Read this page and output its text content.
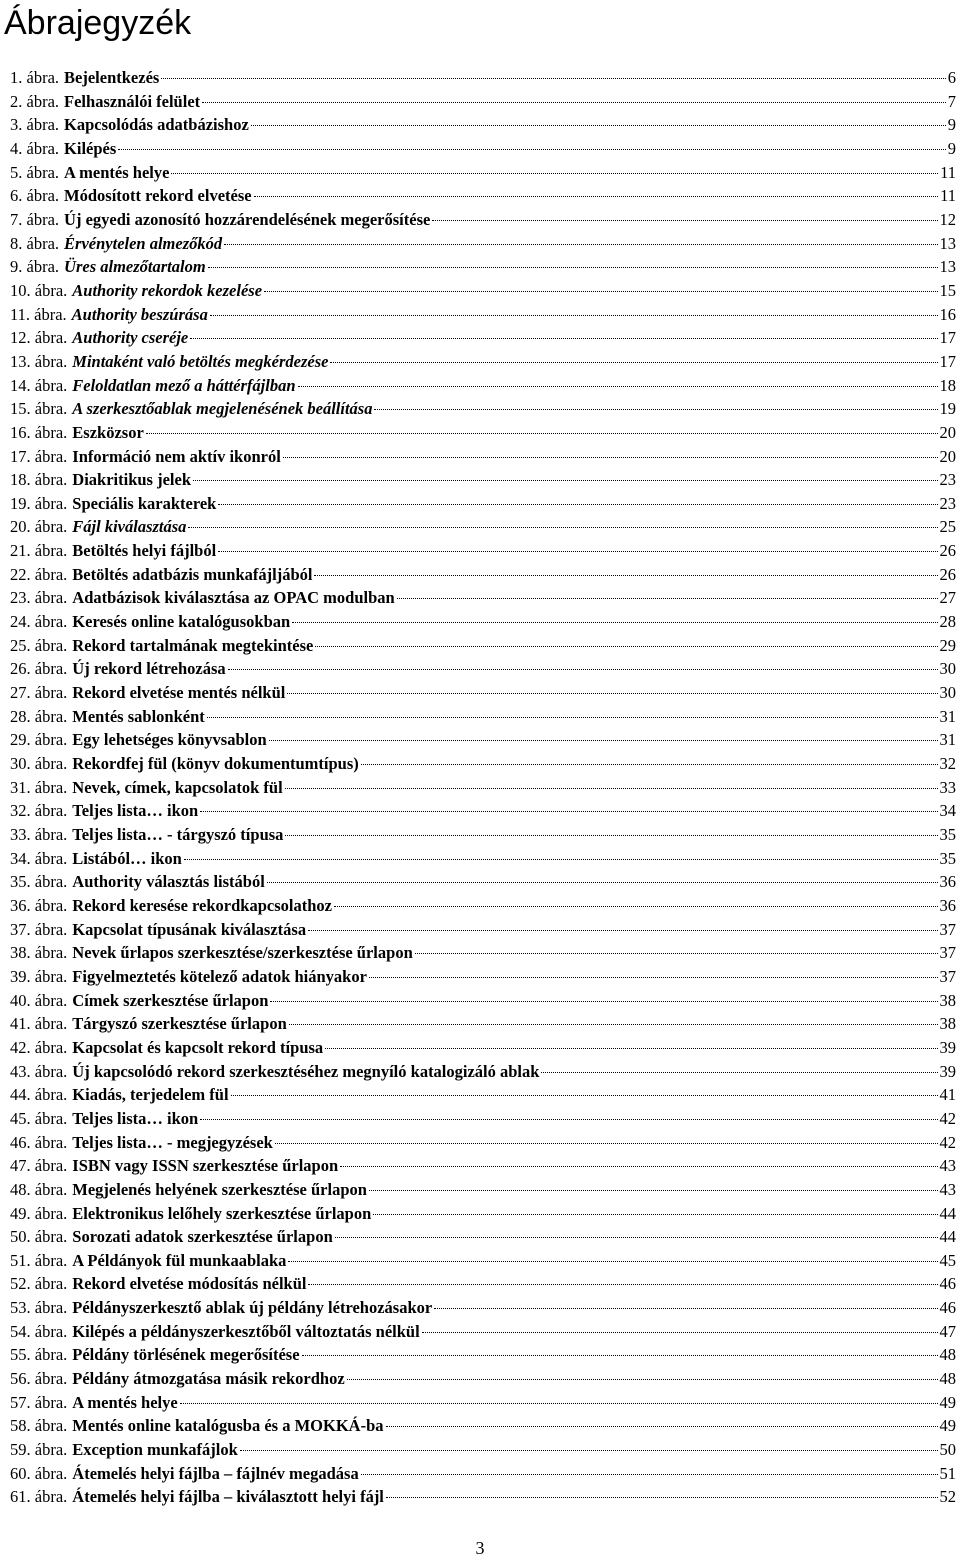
Ábrajegyzék
1. ábra. Bejelentkezés	6
2. ábra. Felhasználói felület	7
3. ábra. Kapcsolódás adatbázishoz	9
4. ábra. Kilépés	9
5. ábra. A mentés helye	11
6. ábra. Módosított rekord elvetése	11
7. ábra. Új egyedi azonosító hozzárendelésének megerősítése	12
8. ábra. Érvénytelen almezőkód	13
9. ábra. Üres almezőtartalom	13
10. ábra. Authority rekordok kezelése	15
11. ábra. Authority beszúrása	16
12. ábra. Authority cseréje	17
13. ábra. Mintaként való betöltés megkérdezése	17
14. ábra. Feloldatlan mező a háttérfájlban	18
15. ábra. A szerkesztőablak megjelenésének beállítása	19
16. ábra. Eszközsor	20
17. ábra. Információ nem aktív ikonról	20
18. ábra. Diakritikus jelek	23
19. ábra. Speciális karakterek	23
20. ábra. Fájl kiválasztása	25
21. ábra. Betöltés helyi fájlból	26
22. ábra. Betöltés adatbázis munkafájljából	26
23. ábra. Adatbázisok kiválasztása az OPAC modulban	27
24. ábra. Keresés online katalógusokban	28
25. ábra. Rekord tartalmának megtekintése	29
26. ábra. Új rekord létrehozása	30
27. ábra. Rekord elvetése mentés nélkül	30
28. ábra. Mentés sablonként	31
29. ábra. Egy lehetséges könyvsablon	31
30. ábra. Rekordfej fül (könyv dokumentumtípus)	32
31. ábra. Nevek, címek, kapcsolatok fül	33
32. ábra. Teljes lista… ikon	34
33. ábra. Teljes lista… - tárgyszó típusa	35
34. ábra. Listából… ikon	35
35. ábra. Authority választás listából	36
36. ábra. Rekord keresése rekordkapcsolathoz	36
37. ábra. Kapcsolat típusának kiválasztása	37
38. ábra. Nevek űrlapos szerkesztése/szerkesztése űrlapon	37
39. ábra. Figyelmeztetés kötelező adatok hiányakor	37
40. ábra. Címek szerkesztése űrlapon	38
41. ábra. Tárgyszó szerkesztése űrlapon	38
42. ábra. Kapcsolat és kapcsolt rekord típusa	39
43. ábra. Új kapcsolódó rekord szerkesztéséhez megnyíló katalogizáló ablak	39
44. ábra. Kiadás, terjedelem fül	41
45. ábra. Teljes lista… ikon	42
46. ábra. Teljes lista… - megjegyzések	42
47. ábra. ISBN vagy ISSN szerkesztése űrlapon	43
48. ábra. Megjelenés helyének szerkesztése űrlapon	43
49. ábra. Elektronikus lelőhely szerkesztése űrlapon	44
50. ábra. Sorozati adatok szerkesztése űrlapon	44
51. ábra. A Példányok fül munkaablaka	45
52. ábra. Rekord elvetése módosítás nélkül	46
53. ábra. Példányszerkesztő ablak új példány létrehozásakor	46
54. ábra. Kilépés a példányszerkesztőből változtatás nélkül	47
55. ábra. Példány törlésének megerősítése	48
56. ábra. Példány átmozgatása másik rekordhoz	48
57. ábra. A mentés helye	49
58. ábra. Mentés online katalógusba és a MOKKÁ-ba	49
59. ábra. Exception munkafájlok	50
60. ábra. Átemelés helyi fájlba – fájlnév megadása	51
61. ábra. Átemelés helyi fájlba – kiválasztott helyi fájl	52
3
